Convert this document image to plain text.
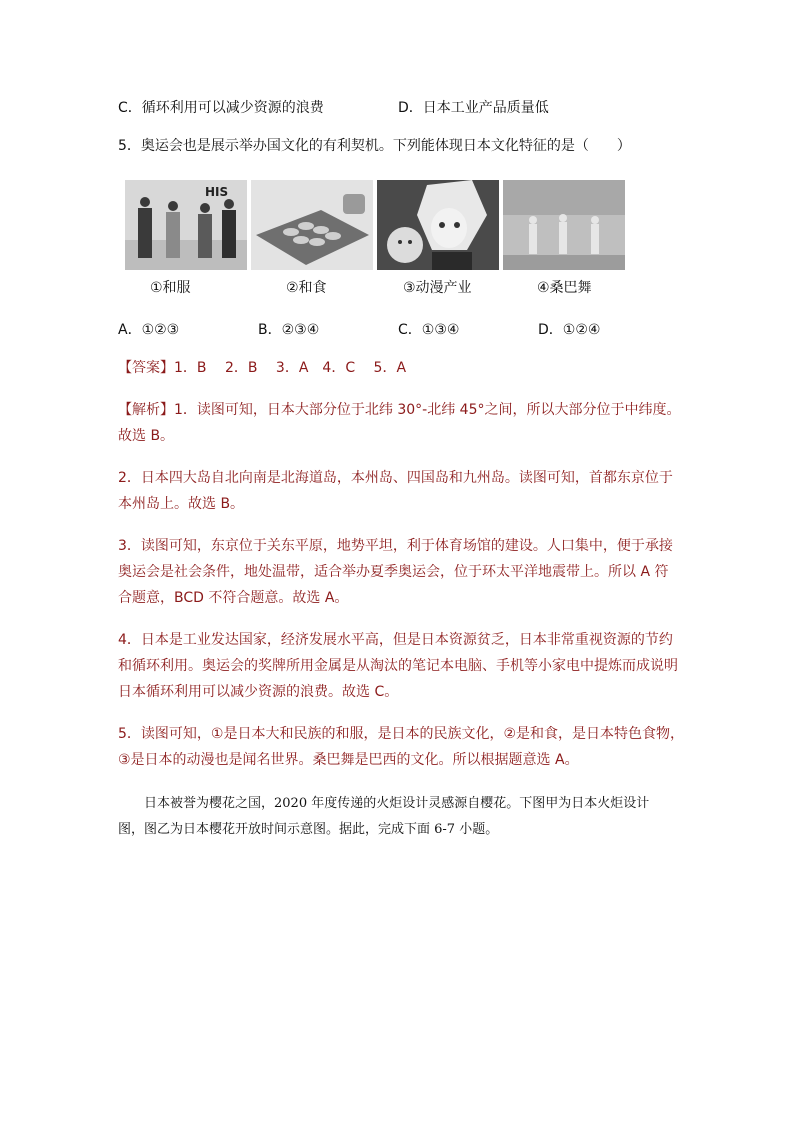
C．循环利用可以减少资源的浪费	D．日本工业产品质量低
5．奥运会也是展示举办国文化的有利契机。下列能体现日本文化特征的是（　　）
HIS
①和服	②和食	③动漫产业	④桑巴舞
A．①②③	B．②③④	C．①③④	D．①②④
【答案】1．B　 2．B　 3．A　4．C　 5．A
【解析】1．读图可知，日本大部分位于北纬 30°-北纬 45°之间，所以大部分位于中纬度。
故选 B。
2．日本四大岛自北向南是北海道岛，本州岛、四国岛和九州岛。读图可知，首都东京位于
本州岛上。故选 B。
3．读图可知，东京位于关东平原，地势平坦，利于体育场馆的建设。人口集中，便于承接
奥运会是社会条件，地处温带，适合举办夏季奥运会，位于环太平洋地震带上。所以 A 符
合题意，BCD 不符合题意。故选 A。
4．日本是工业发达国家，经济发展水平高，但是日本资源贫乏，日本非常重视资源的节约
和循环利用。奥运会的奖牌所用金属是从淘汰的笔记本电脑、手机等小家电中提炼而成说明
日本循环利用可以减少资源的浪费。故选 C。
5．读图可知，①是日本大和民族的和服，是日本的民族文化，②是和食，是日本特色食物，
③是日本的动漫也是闻名世界。桑巴舞是巴西的文化。所以根据题意选 A。
　　日本被誉为樱花之国，2020 年度传递的火炬设计灵感源自樱花。下图甲为日本火炬设计
图，图乙为日本樱花开放时间示意图。据此，完成下面 6-7 小题。
